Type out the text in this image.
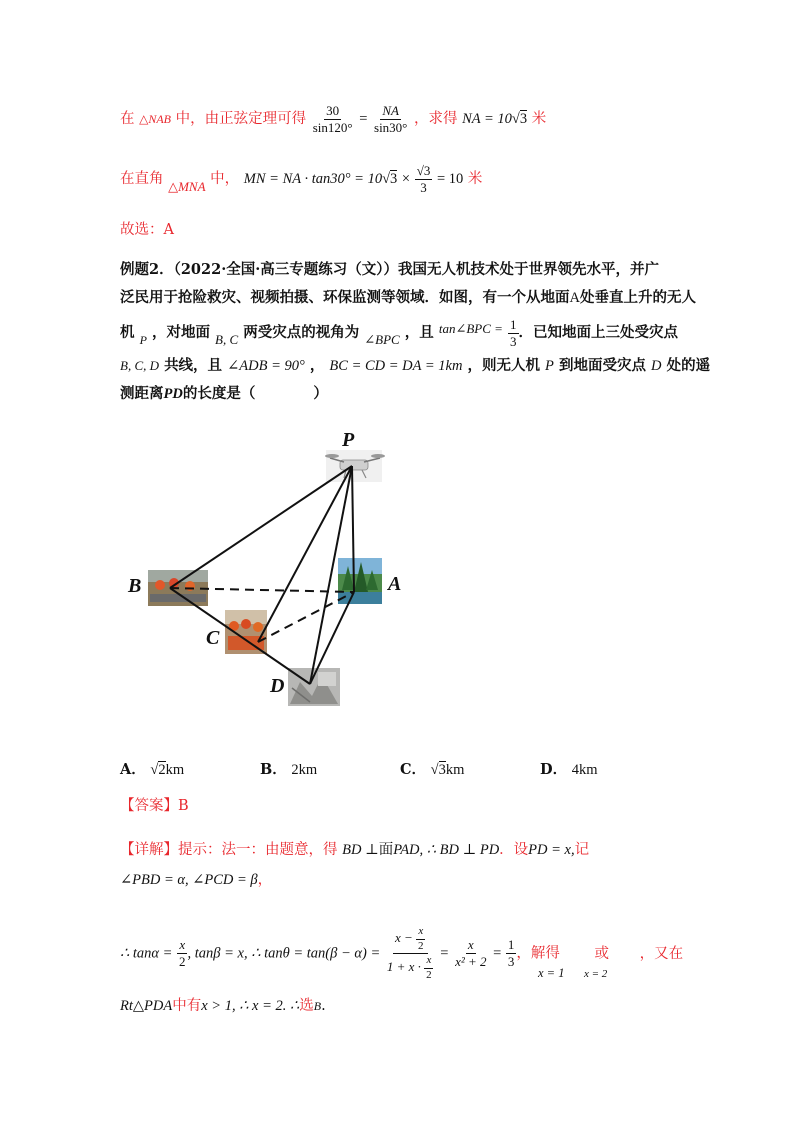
在 △NAB 中，由正弦定理可得 $\frac{30}{\sin 120^\circ} = \frac{NA}{\sin 30^\circ}$ ，求得 NA = 10√3 米
在直角 △MNA 中， MN = NA · $\tan 30^\circ = 10√3 \times \frac{√3}{3} = 10$ 米
故选：A
例题2．（2022·全国·高三专题练习（文））我国无人机技术处于世界领先水平，并广
泛民用于抢险救灾、视频拍摄、环保监测等领域．如图，有一个从地面A处垂直上升的无人
机 $_P$ ，对地面 B, C 两受灾点的视角为 ∠BPC ，且 tan∠BPC = $\frac{1}{3}$ ．已知地面上三处受灾点
B, C, D 共线，且 ∠ADB = 90° ， BC = CD = DA = 1km ，则无人机 P 到地面受灾点 D 处的遥
测距离PD的长度是（　　　　）
P
A
B
C
D
A． √2km	B． 2km	C． √3km	D． 4km
【答案】B
【详解】提示：法一：由题意，得 BD ⊥面PAD, ∴ BD ⊥ PD．设PD = x,记
∠PBD = α, ∠PCD = β，
∴ $\tan\alpha = \frac{x}{2}$ , tanβ = x, ∴ $\tan\theta = \tan(\beta - \alpha) = \frac{x - \frac{x}{2}}{1 + x \cdot \frac{x}{2}} = \frac{x}{\text{x² + 2}} = \frac{1}{3}$ ，解得 或 ，又在
x = 1 x = 2
Rt△PDA中有x > 1, ∴ x = 2. ∴选B.
